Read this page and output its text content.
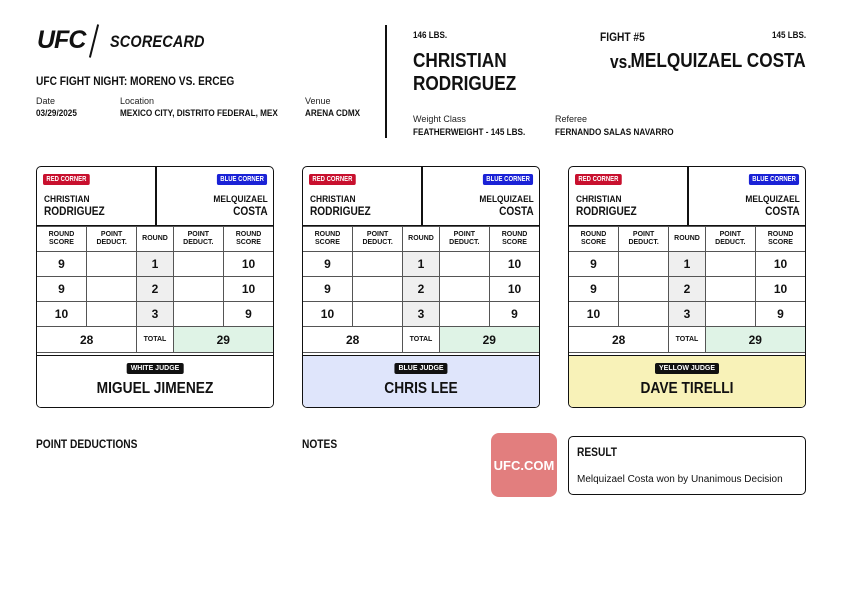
UFC SCORECARD
UFC FIGHT NIGHT: MORENO VS. ERCEG
Date
03/29/2025
Location
MEXICO CITY, DISTRITO FEDERAL, MEX
Venue
ARENA CDMX
146 LBS.
CHRISTIAN
RODRIGUEZ
FIGHT #5
vs.
145 LBS.
MELQUIZAEL COSTA
Weight Class
FEATHERWEIGHT - 145 LBS.
Referee
FERNANDO SALAS NAVARRO
RED CORNER
CHRISTIAN
RODRIGUEZ
BLUE CORNER
MELQUIZAEL
COSTA
ROUND SCORE	POINT DEDUCT.	ROUND	POINT DEDUCT.	ROUND SCORE
9		1		10
9		2		10
10		3		9
28		TOTAL	29	
WHITE JUDGE
MIGUEL JIMENEZ
RED CORNER
CHRISTIAN
RODRIGUEZ
BLUE CORNER
MELQUIZAEL
COSTA
ROUND SCORE	POINT DEDUCT.	ROUND	POINT DEDUCT.	ROUND SCORE
9		1		10
9		2		10
10		3		9
28		TOTAL	29	
BLUE JUDGE
CHRIS LEE
RED CORNER
CHRISTIAN
RODRIGUEZ
BLUE CORNER
MELQUIZAEL
COSTA
ROUND SCORE	POINT DEDUCT.	ROUND	POINT DEDUCT.	ROUND SCORE
9		1		10
9		2		10
10		3		9
28		TOTAL	29	
YELLOW JUDGE
DAVE TIRELLI
POINT DEDUCTIONS	NOTES
UFC.COM
RESULT
Melquizael Costa won by Unanimous Decision
